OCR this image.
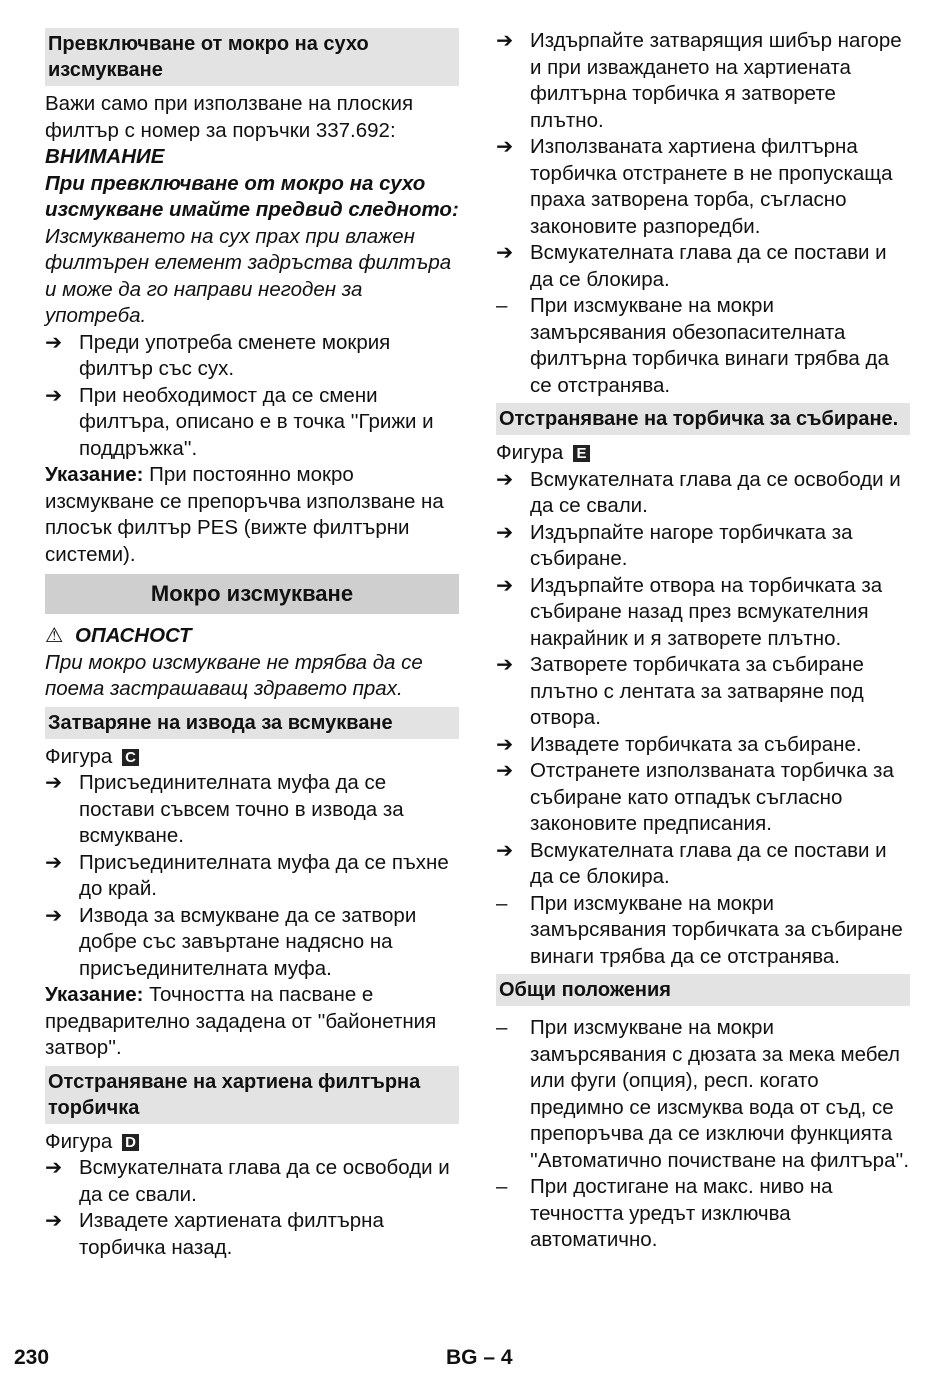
Превключване от мокро на сухо изсмукване

Важи само при използване на плоския филтър с номер за поръчки 337.692:

ВНИМАНИЕ

При превключване от мокро на сухо изсмукване имайте предвид следното:

Изсмукването на сух прах при влажен филтърен елемент задръства филтъра и може да го направи негоден за употреба.

➔ Преди употреба сменете мокрия филтър със сух.
➔ При необходимост да се смени филтъра, описано е в точка ''Грижи и поддръжка''.

Указание: При постоянно мокро изсмукване се препоръчва използване на плосък филтър PES (вижте филтърни системи).

Мокро изсмукване

⚠ ОПАСНОСТ

При мокро изсмукване не трябва да се поема застрашаващ здравето прах.

Затваряне на извода за всмукване

Фигура C

➔ Присъединителната муфа да се постави съвсем точно в извода за всмукване.
➔ Присъединителната муфа да се пъхне до край.
➔ Извода за всмукване да се затвори добре със завъртане надясно на присъединителната муфа.

Указание: Точността на пасване е предварително зададена от ''байонетния затвор''.

Отстраняване на хартиена филтърна торбичка

Фигура D

➔ Всмукателната глава да се освободи и да се свали.
➔ Извадете хартиената филтърна торбичка назад.
➔ Издърпайте затварящия шибър нагоре и при изваждането на хартиената филтърна торбичка я затворете плътно.
➔ Използваната хартиена филтърна торбичка отстранете в не пропускаща праха затворена торба, съгласно законовите разпоредби.
➔ Всмукателната глава да се постави и да се блокира.
–	При изсмукване на мокри замърсявания обезопасителната филтърна торбичка винаги трябва да се отстранява.
Отстраняване на торбичка за събиране.

Фигура E

➔ Всмукателната глава да се освободи и да се свали.
➔ Издърпайте нагоре торбичката за събиране.
➔ Издърпайте отвора на торбичката за събиране назад през всмукателния накрайник и я затворете плътно.
➔ Затворете торбичката за събиране плътно с лентата за затваряне под отвора.
➔ Извадете торбичката за събиране.
➔ Отстранете използваната торбичка за събиране като отпадък съгласно законовите предписания.
➔ Всмукателната глава да се постави и да се блокира.
–	При изсмукване на мокри замърсявания торбичката за събиране винаги трябва да се отстранява.
Общи положения
–	При изсмукване на мокри замърсявания с дюзата за мека мебел или фуги (опция), респ. когато предимно се изсмуква вода от съд, се препоръчва да се изключи функцията ''Автоматично почистване на филтъра''.
–	При достигане на макс. ниво на течността уредът изключва автоматично.
230	BG – 4
